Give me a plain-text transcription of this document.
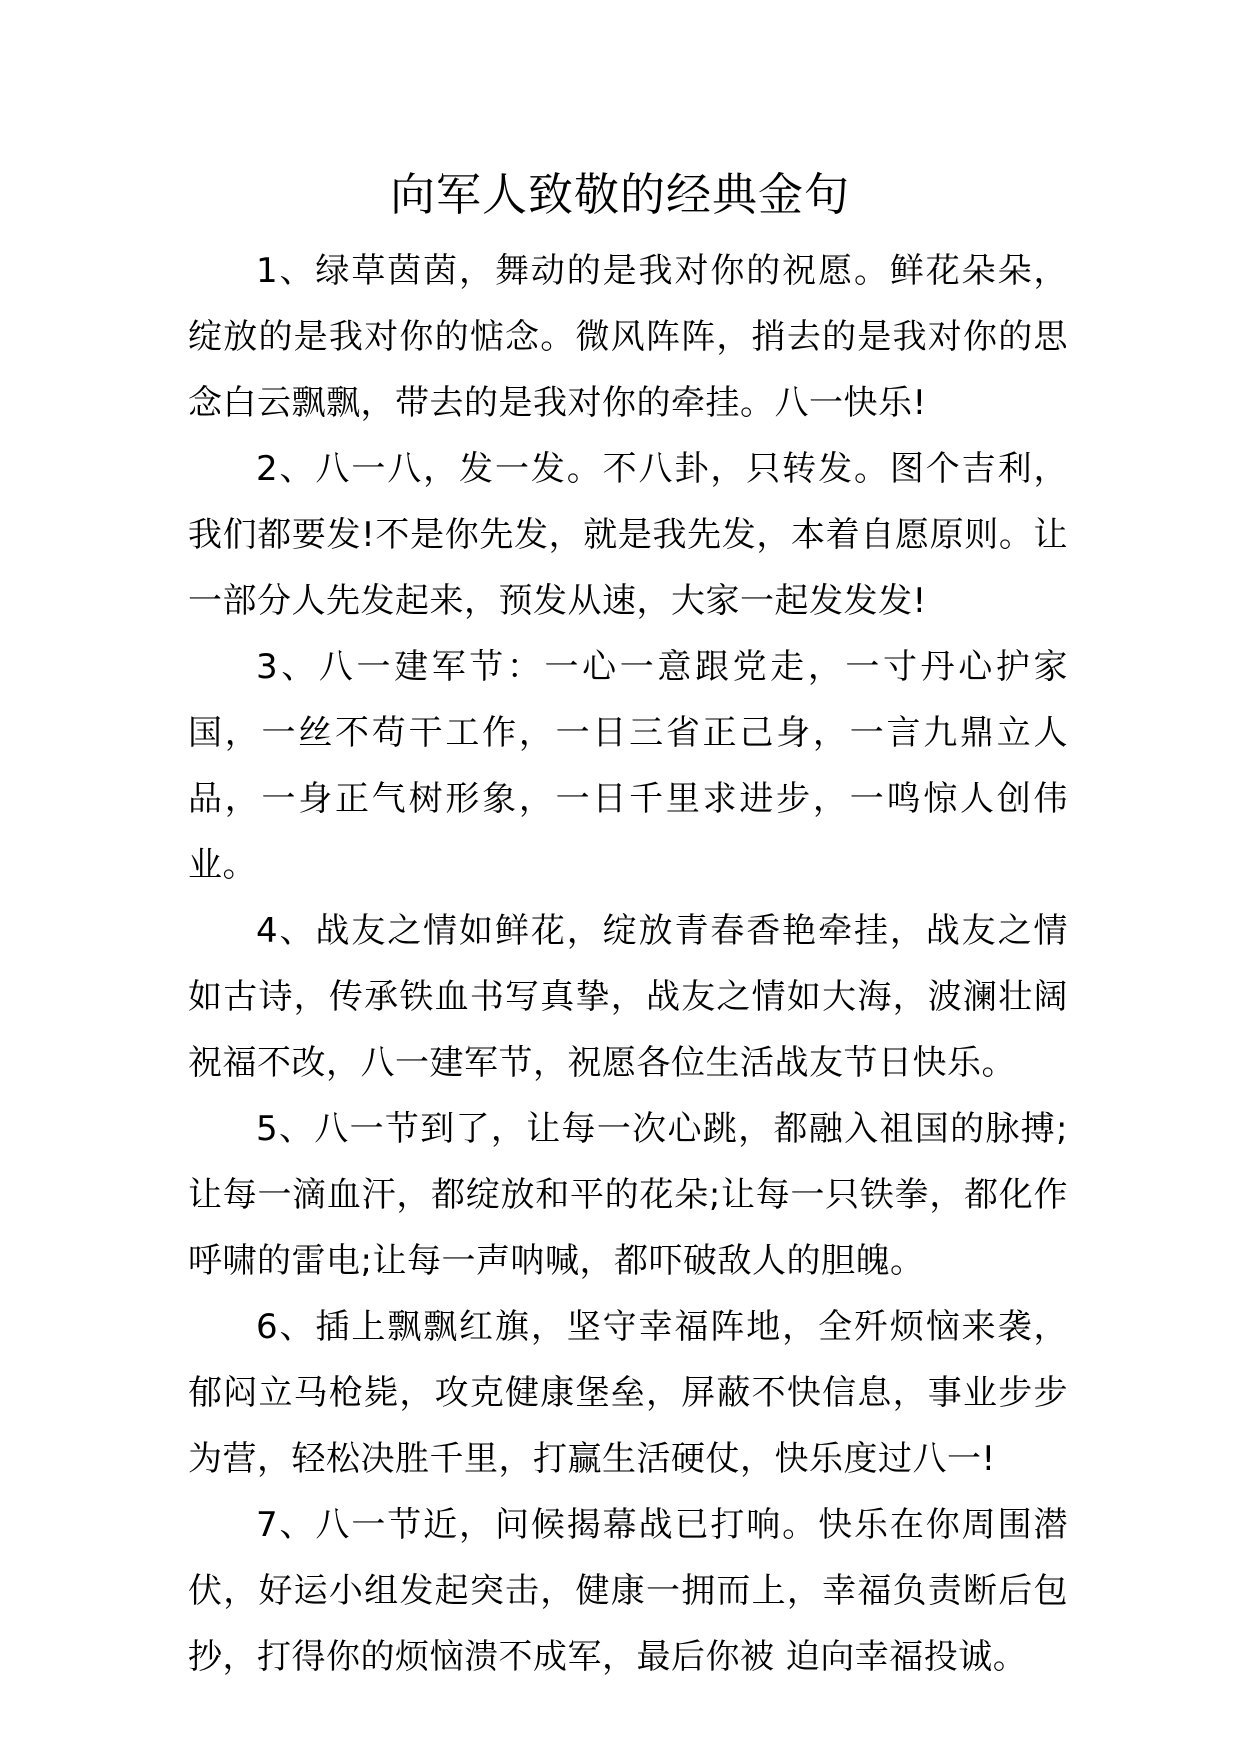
向军人致敬的经典金句

1、绿草茵茵，舞动的是我对你的祝愿。鲜花朵朵，绽放的是我对你的惦念。微风阵阵，捎去的是我对你的思念白云飘飘，带去的是我对你的牵挂。八一快乐!

2、八一八，发一发。不八卦，只转发。图个吉利，我们都要发!不是你先发，就是我先发，本着自愿原则。让一部分人先发起来，预发从速，大家一起发发发!

3、八一建军节：一心一意跟党走，一寸丹心护家国，一丝不苟干工作，一日三省正己身，一言九鼎立人品，一身正气树形象，一日千里求进步，一鸣惊人创伟业。

4、战友之情如鲜花，绽放青春香艳牵挂，战友之情如古诗，传承铁血书写真挚，战友之情如大海，波澜壮阔祝福不改，八一建军节，祝愿各位生活战友节日快乐。

5、八一节到了，让每一次心跳，都融入祖国的脉搏;让每一滴血汗，都绽放和平的花朵;让每一只铁拳，都化作呼啸的雷电;让每一声呐喊，都吓破敌人的胆魄。

6、插上飘飘红旗，坚守幸福阵地，全歼烦恼来袭，郁闷立马枪毙，攻克健康堡垒，屏蔽不快信息，事业步步为营，轻松决胜千里，打赢生活硬仗，快乐度过八一!

7、八一节近，问候揭幕战已打响。快乐在你周围潜伏，好运小组发起突击，健康一拥而上，幸福负责断后包抄，打得你的烦恼溃不成军，最后你被 迫向幸福投诚。
